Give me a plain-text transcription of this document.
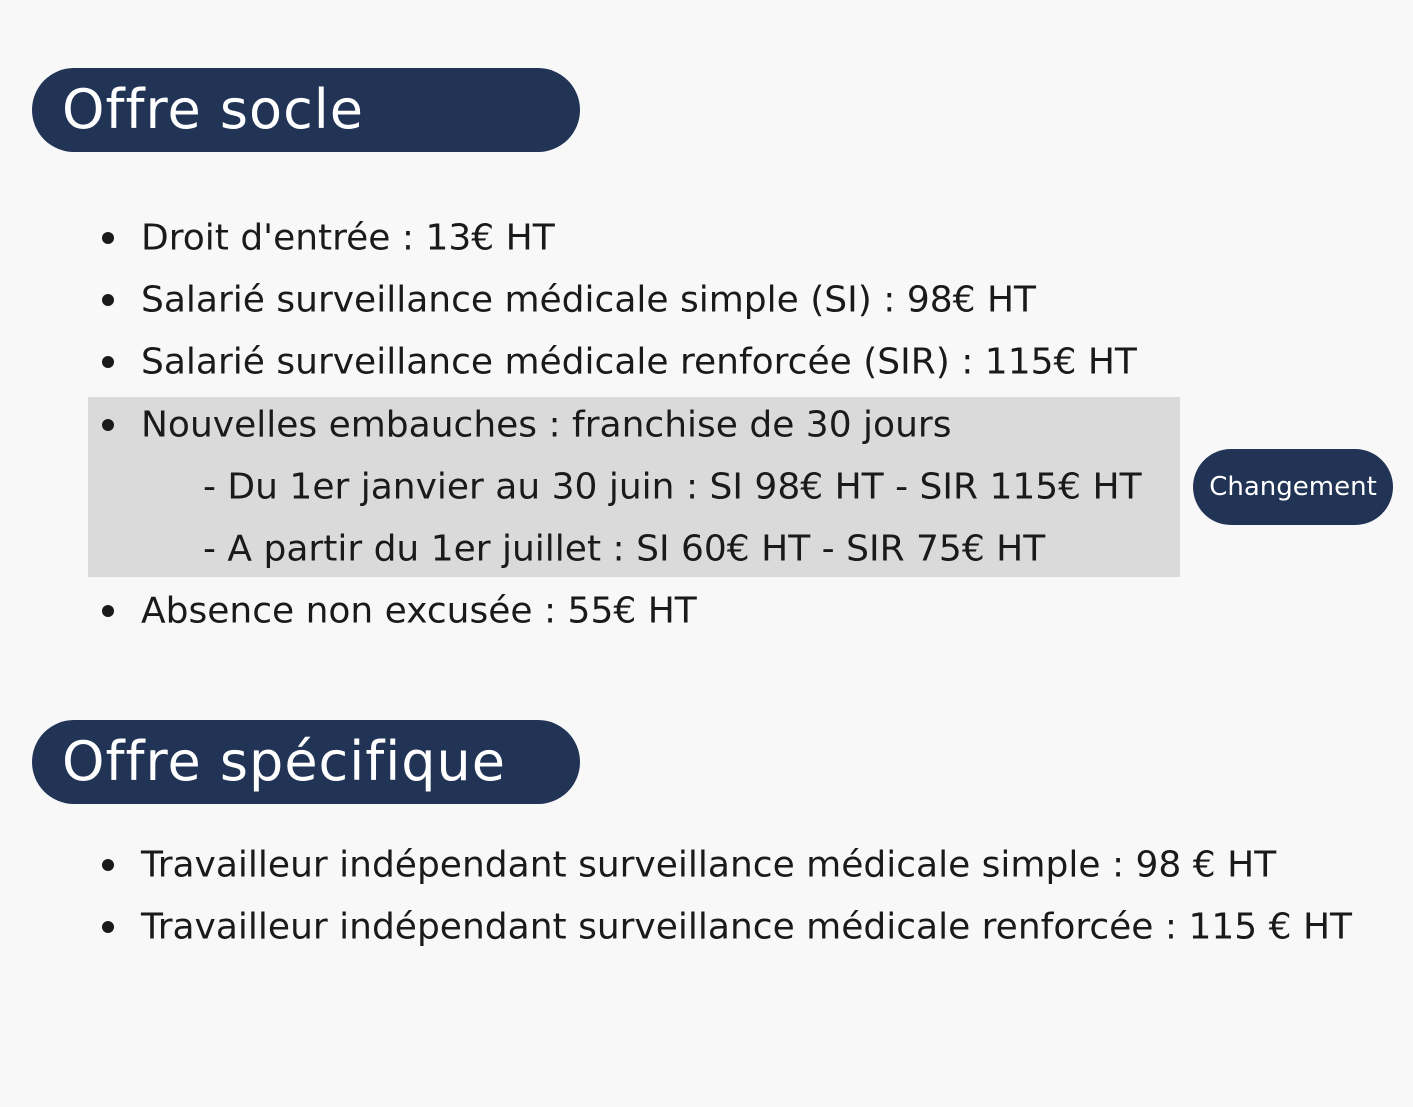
Offre socle
Droit d'entrée : 13€ HT
Salarié surveillance médicale simple (SI) : 98€ HT
Salarié surveillance médicale renforcée (SIR) : 115€ HT
Nouvelles embauches : franchise de 30 jours
- Du 1er janvier au 30 juin : SI 98€ HT - SIR 115€ HT
- A partir du 1er juillet : SI 60€ HT - SIR 75€ HT
Absence non excusée : 55€ HT
Changement
Offre spécifique
Travailleur indépendant surveillance médicale simple : 98 € HT
Travailleur indépendant surveillance médicale renforcée : 115 € HT
